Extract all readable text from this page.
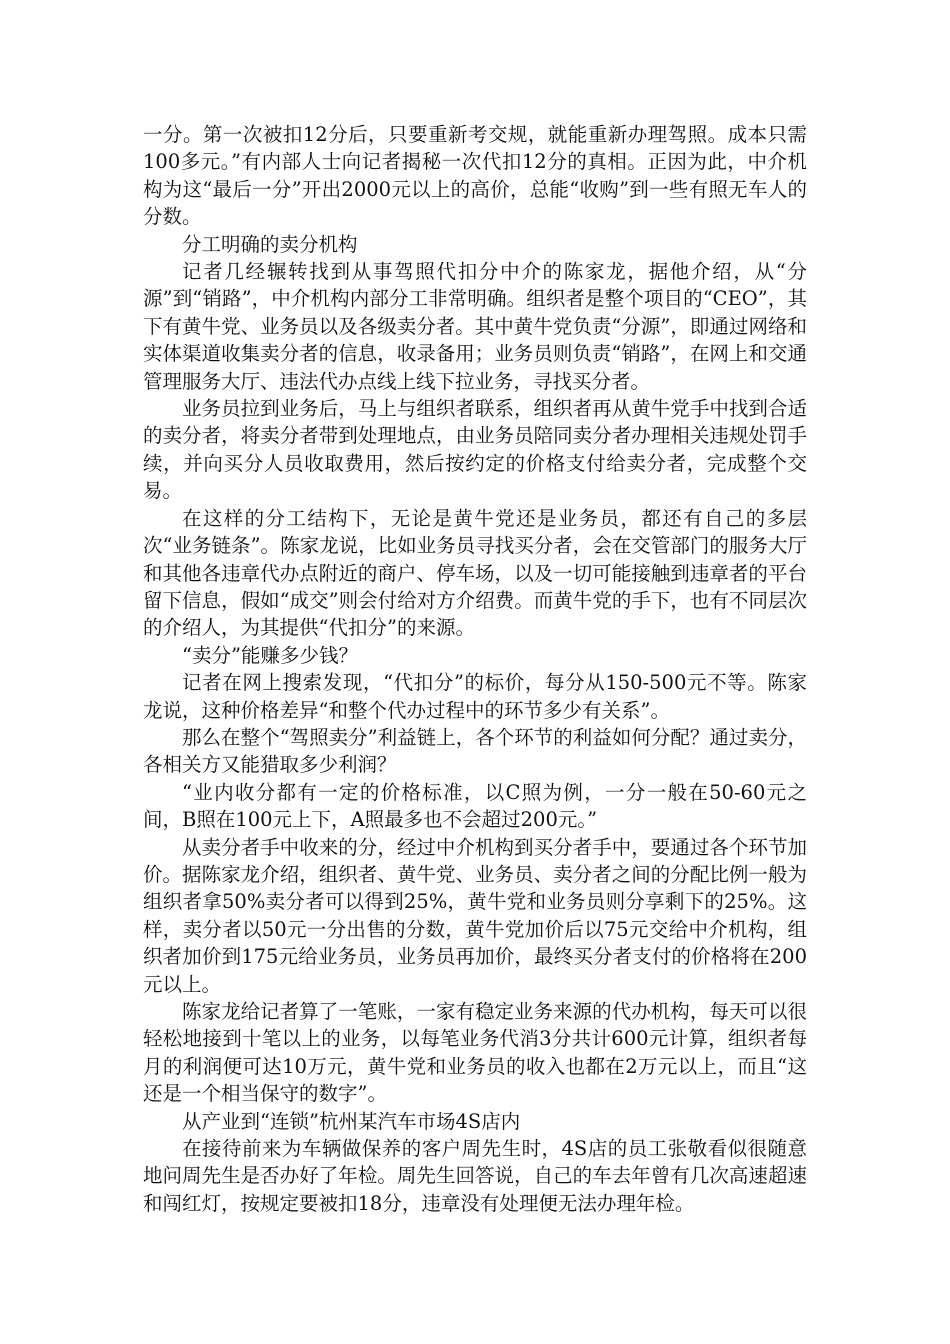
一分。第一次被扣12分后，只要重新考交规，就能重新办理驾照。成本只需100多元。”有内部人士向记者揭秘一次代扣12分的真相。正因为此，中介机构为这“最后一分”开出2000元以上的高价，总能“收购”到一些有照无车人的分数。

分工明确的卖分机构

记者几经辗转找到从事驾照代扣分中介的陈家龙，据他介绍，从“分源”到“销路”，中介机构内部分工非常明确。组织者是整个项目的“CEO”，其下有黄牛党、业务员以及各级卖分者。其中黄牛党负责“分源”，即通过网络和实体渠道收集卖分者的信息，收录备用；业务员则负责“销路”，在网上和交通管理服务大厅、违法代办点线上线下拉业务，寻找买分者。

业务员拉到业务后，马上与组织者联系，组织者再从黄牛党手中找到合适的卖分者，将卖分者带到处理地点，由业务员陪同卖分者办理相关违规处罚手续，并向买分人员收取费用，然后按约定的价格支付给卖分者，完成整个交易。

在这样的分工结构下，无论是黄牛党还是业务员，都还有自己的多层次“业务链条”。陈家龙说，比如业务员寻找买分者，会在交管部门的服务大厅和其他各违章代办点附近的商户、停车场，以及一切可能接触到违章者的平台留下信息，假如“成交”则会付给对方介绍费。而黄牛党的手下，也有不同层次的介绍人，为其提供“代扣分”的来源。

“卖分”能赚多少钱？

记者在网上搜索发现，“代扣分”的标价，每分从150-500元不等。陈家龙说，这种价格差异“和整个代办过程中的环节多少有关系”。

那么在整个“驾照卖分”利益链上，各个环节的利益如何分配？通过卖分，各相关方又能猎取多少利润？

“业内收分都有一定的价格标准，以C照为例，一分一般在50-60元之间，B照在100元上下，A照最多也不会超过200元。”

从卖分者手中收来的分，经过中介机构到买分者手中，要通过各个环节加价。据陈家龙介绍，组织者、黄牛党、业务员、卖分者之间的分配比例一般为组织者拿50%卖分者可以得到25%，黄牛党和业务员则分享剩下的25%。这样，卖分者以50元一分出售的分数，黄牛党加价后以75元交给中介机构，组织者加价到175元给业务员，业务员再加价，最终买分者支付的价格将在200元以上。

陈家龙给记者算了一笔账，一家有稳定业务来源的代办机构，每天可以很轻松地接到十笔以上的业务，以每笔业务代消3分共计600元计算，组织者每月的利润便可达10万元，黄牛党和业务员的收入也都在2万元以上，而且“这还是一个相当保守的数字”。

从产业到“连锁”杭州某汽车市场4S店内

在接待前来为车辆做保养的客户周先生时，4S店的员工张敬看似很随意地问周先生是否办好了年检。周先生回答说，自己的车去年曾有几次高速超速和闯红灯，按规定要被扣18分，违章没有处理便无法办理年检。
